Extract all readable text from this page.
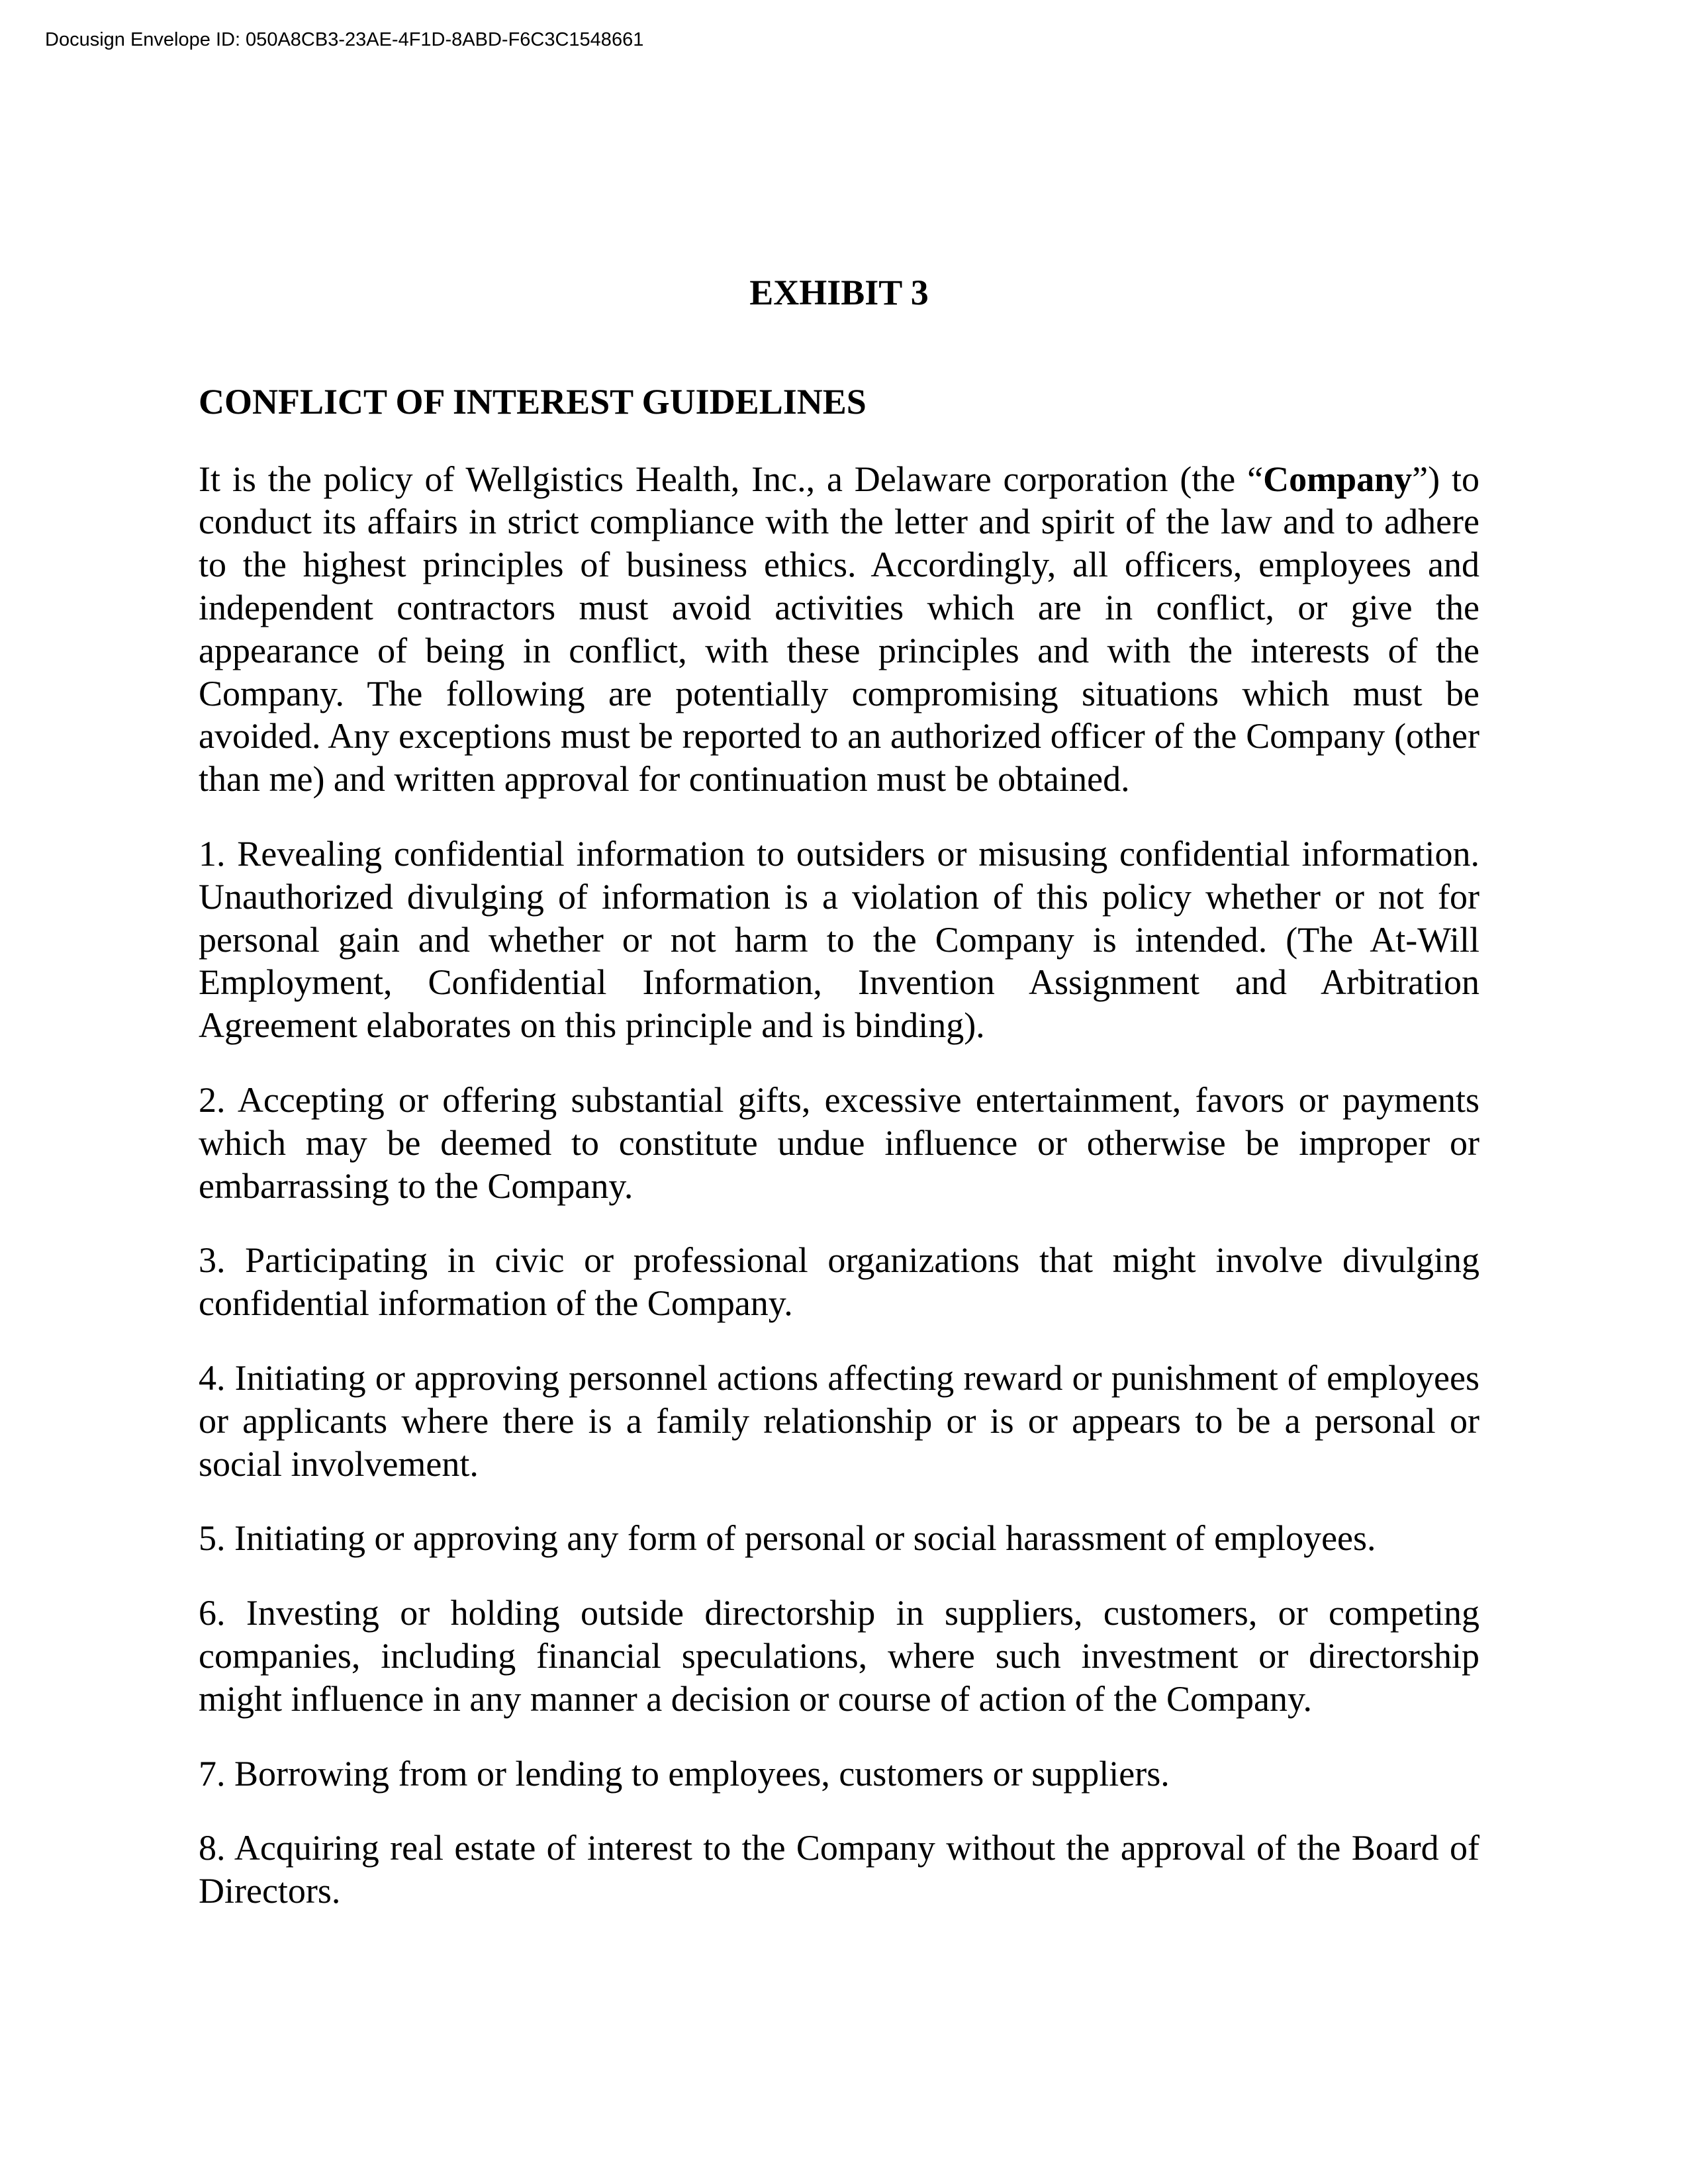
Docusign Envelope ID: 050A8CB3-23AE-4F1D-8ABD-F6C3C1548661
EXHIBIT 3
CONFLICT OF INTEREST GUIDELINES
It is the policy of Wellgistics Health, Inc., a Delaware corporation (the “Company”) to conduct its affairs in strict compliance with the letter and spirit of the law and to adhere to the highest principles of business ethics. Accordingly, all officers, employees and independent contractors must avoid activities which are in conflict, or give the appearance of being in conflict, with these principles and with the interests of the Company. The following are potentially compromising situations which must be avoided. Any exceptions must be reported to an authorized officer of the Company (other than me) and written approval for continuation must be obtained.
1. Revealing confidential information to outsiders or misusing confidential information. Unauthorized divulging of information is a violation of this policy whether or not for personal gain and whether or not harm to the Company is intended. (The At-Will Employment, Confidential Information, Invention Assignment and Arbitration Agreement elaborates on this principle and is binding).
2. Accepting or offering substantial gifts, excessive entertainment, favors or payments which may be deemed to constitute undue influence or otherwise be improper or embarrassing to the Company.
3. Participating in civic or professional organizations that might involve divulging confidential information of the Company.
4. Initiating or approving personnel actions affecting reward or punishment of employees or applicants where there is a family relationship or is or appears to be a personal or social involvement.
5. Initiating or approving any form of personal or social harassment of employees.
6. Investing or holding outside directorship in suppliers, customers, or competing companies, including financial speculations, where such investment or directorship might influence in any manner a decision or course of action of the Company.
7. Borrowing from or lending to employees, customers or suppliers.
8. Acquiring real estate of interest to the Company without the approval of the Board of Directors.
